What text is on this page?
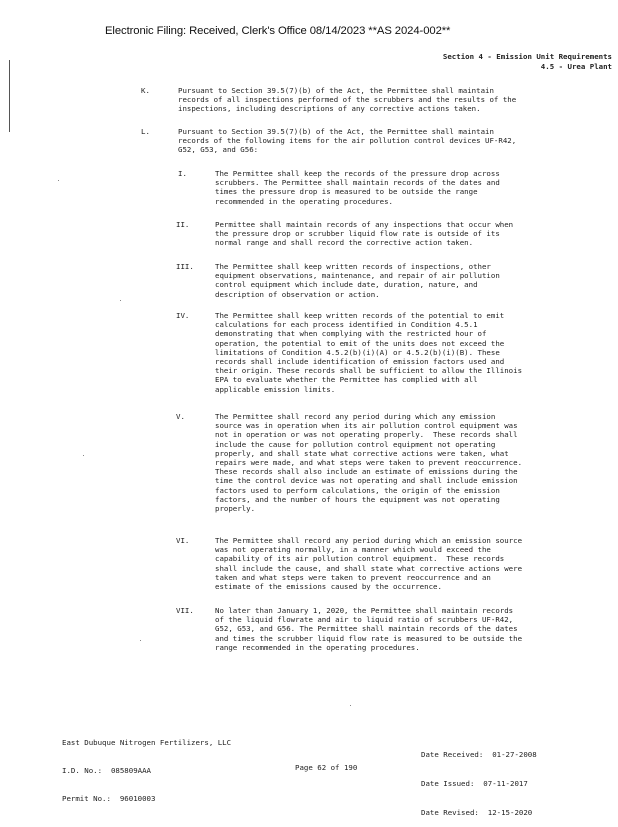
Electronic Filing: Received, Clerk's Office 08/14/2023 **AS 2024-002**
Section 4 - Emission Unit Requirements
4.5 - Urea Plant
K.	Pursuant to Section 39.5(7)(b) of the Act, the Permittee shall maintain
records of all inspections performed of the scrubbers and the results of the
inspections, including descriptions of any corrective actions taken.
L.	Pursuant to Section 39.5(7)(b) of the Act, the Permittee shall maintain
records of the following items for the air pollution control devices UF-R42,
G52, G53, and G56:
I.	The Permittee shall keep the records of the pressure drop across
scrubbers. The Permittee shall maintain records of the dates and
times the pressure drop is measured to be outside the range
recommended in the operating procedures.
II.	Permittee shall maintain records of any inspections that occur when
the pressure drop or scrubber liquid flow rate is outside of its
normal range and shall record the corrective action taken.
III.	The Permittee shall keep written records of inspections, other
equipment observations, maintenance, and repair of air pollution
control equipment which include date, duration, nature, and
description of observation or action.
IV.	The Permittee shall keep written records of the potential to emit
calculations for each process identified in Condition 4.5.1
demonstrating that when complying with the restricted hour of
operation, the potential to emit of the units does not exceed the
limitations of Condition 4.5.2(b)(i)(A) or 4.5.2(b)(i)(B). These
records shall include identification of emission factors used and
their origin. These records shall be sufficient to allow the Illinois
EPA to evaluate whether the Permittee has complied with all
applicable emission limits.
V.	The Permittee shall record any period during which any emission
source was in operation when its air pollution control equipment was
not in operation or was not operating properly.  These records shall
include the cause for pollution control equipment not operating
properly, and shall state what corrective actions were taken, what
repairs were made, and what steps were taken to prevent reoccurrence.
These records shall also include an estimate of emissions during the
time the control device was not operating and shall include emission
factors used to perform calculations, the origin of the emission
factors, and the number of hours the equipment was not operating
properly.
VI.	The Permittee shall record any period during which an emission source
was not operating normally, in a manner which would exceed the
capability of its air pollution control equipment.  These records
shall include the cause, and shall state what corrective actions were
taken and what steps were taken to prevent reoccurrence and an
estimate of the emissions caused by the occurrence.
VII.	No later than January 1, 2020, the Permittee shall maintain records
of the liquid flowrate and air to liquid ratio of scrubbers UF-R42,
G52, G53, and G56. The Permittee shall maintain records of the dates
and times the scrubber liquid flow rate is measured to be outside the
range recommended in the operating procedures.

East Dubuque Nitrogen Fertilizers, LLC

I.D. No.:  085809AAA

Permit No.:  96010003

Date Received:  01-27-2008

Date Issued:  07-11-2017

Date Revised:  12-15-2020

Page 62 of 190
